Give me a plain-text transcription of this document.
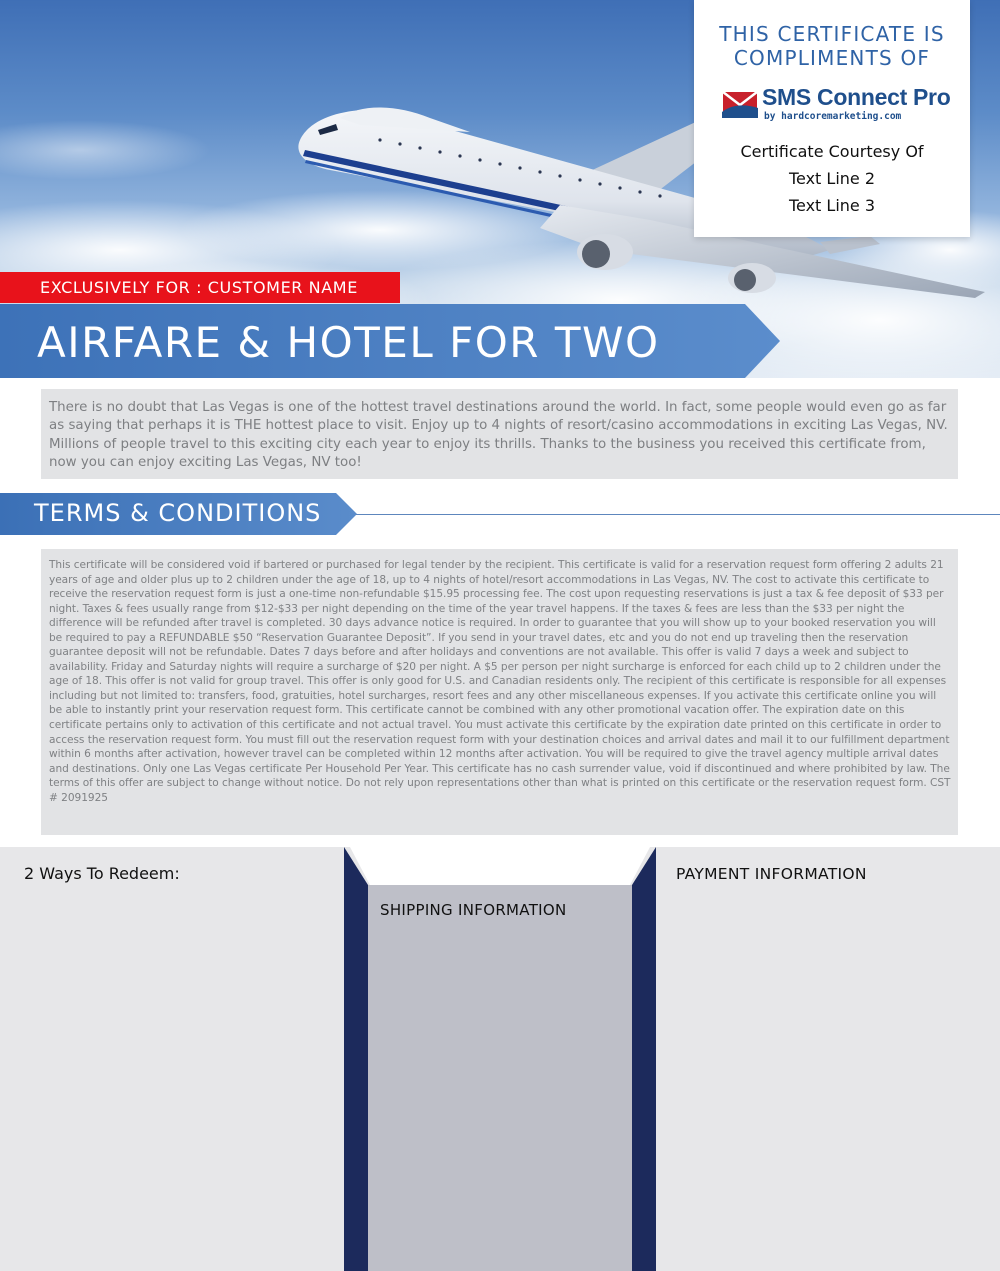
THIS CERTIFICATE IS
COMPLIMENTS OF
SMS Connect Pro
by hardcoremarketing.com
Certificate Courtesy Of
Text Line 2
Text Line 3
EXCLUSIVELY FOR : CUSTOMER NAME
AIRFARE & HOTEL FOR TWO
There is no doubt that Las Vegas is one of the hottest travel destinations around the world. In fact, some people would even go as far as saying that perhaps it is THE hottest place to visit. Enjoy up to 4 nights of resort/casino accommodations in exciting Las Vegas, NV. Millions of people travel to this exciting city each year to enjoy its thrills. Thanks to the business you received this certificate from, now you can enjoy exciting Las Vegas, NV too!
TERMS & CONDITIONS
This certificate will be considered void if bartered or purchased for legal tender by the recipient. This certificate is valid for a reservation request form offering 2 adults 21 years of age and older plus up to 2 children under the age of 18, up to 4 nights of hotel/resort accommodations in Las Vegas, NV. The cost to activate this certificate to receive the reservation request form is just a one-time non-refundable $15.95 processing fee. The cost upon requesting reservations is just a tax & fee deposit of $33 per night. Taxes & fees usually range from $12-$33 per night depending on the time of the year travel happens. If the taxes & fees are less than the $33 per night the difference will be refunded after travel is completed. 30 days advance notice is required. In order to guarantee that you will show up to your booked reservation you will be required to pay a REFUNDABLE $50 “Reservation Guarantee Deposit”. If you send in your travel dates, etc and you do not end up traveling then the reservation guarantee deposit will not be refundable. Dates 7 days before and after holidays and conventions are not available. This offer is valid 7 days a week and subject to availability. Friday and Saturday nights will require a surcharge of $20 per night. A $5 per person per night surcharge is enforced for each child up to 2 children under the age of 18. This offer is not valid for group travel. This offer is only good for U.S. and Canadian residents only. The recipient of this certificate is responsible for all expenses including but not limited to: transfers, food, gratuities, hotel surcharges, resort fees and any other miscellaneous expenses. If you activate this certificate online you will be able to instantly print your reservation request form. This certificate cannot be combined with any other promotional vacation offer. The expiration date on this certificate pertains only to activation of this certificate and not actual travel. You must activate this certificate by the expiration date printed on this certificate in order to access the reservation request form. You must fill out the reservation request form with your destination choices and arrival dates and mail it to our fulfillment department within 6 months after activation, however travel can be completed within 12 months after activation. You will be required to give the travel agency multiple arrival dates and destinations. Only one Las Vegas certificate Per Household Per Year. This certificate has no cash surrender value, void if discontinued and where prohibited by law. The terms of this offer are subject to change without notice. Do not rely upon representations other than what is printed on this certificate or the reservation request form. CST # 2091925
2 Ways To Redeem:
SHIPPING INFORMATION
PAYMENT INFORMATION
